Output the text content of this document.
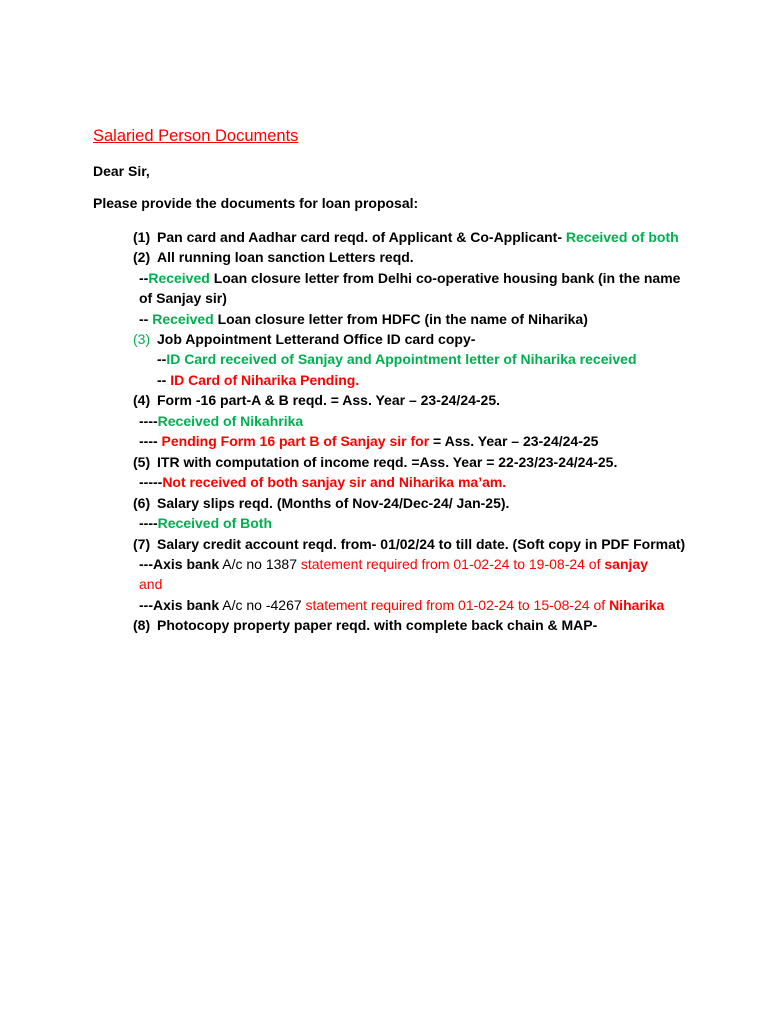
Salaried Person Documents
Dear Sir,
Please provide the documents for loan proposal:
(1) Pan card and Aadhar card reqd. of Applicant & Co-Applicant- Received of both
(2) All running loan sanction Letters reqd.
--Received Loan closure letter from Delhi co-operative housing bank (in the name
of Sanjay sir)
-- Received Loan closure letter from HDFC (in the name of Niharika)
(3) Job Appointment Letterand Office ID card copy-
--ID Card received of Sanjay and Appointment letter of Niharika received
-- ID Card of Niharika Pending.
(4) Form -16 part-A & B reqd. = Ass. Year – 23-24/24-25.
----Received of Nikahrika
---- Pending Form 16 part B of Sanjay sir for = Ass. Year – 23-24/24-25
(5) ITR with computation of income reqd. =Ass. Year = 22-23/23-24/24-25.
-----Not received of both sanjay sir and Niharika ma’am.
(6) Salary slips reqd. (Months of Nov-24/Dec-24/ Jan-25).
----Received of Both
(7) Salary credit account reqd. from- 01/02/24 to till date. (Soft copy in PDF Format)
---Axis bank A/c no 1387 statement required from 01-02-24 to 19-08-24 of sanjay
and
---Axis bank A/c no -4267 statement required from 01-02-24 to 15-08-24 of Niharika
(8) Photocopy property paper reqd. with complete back chain & MAP-
